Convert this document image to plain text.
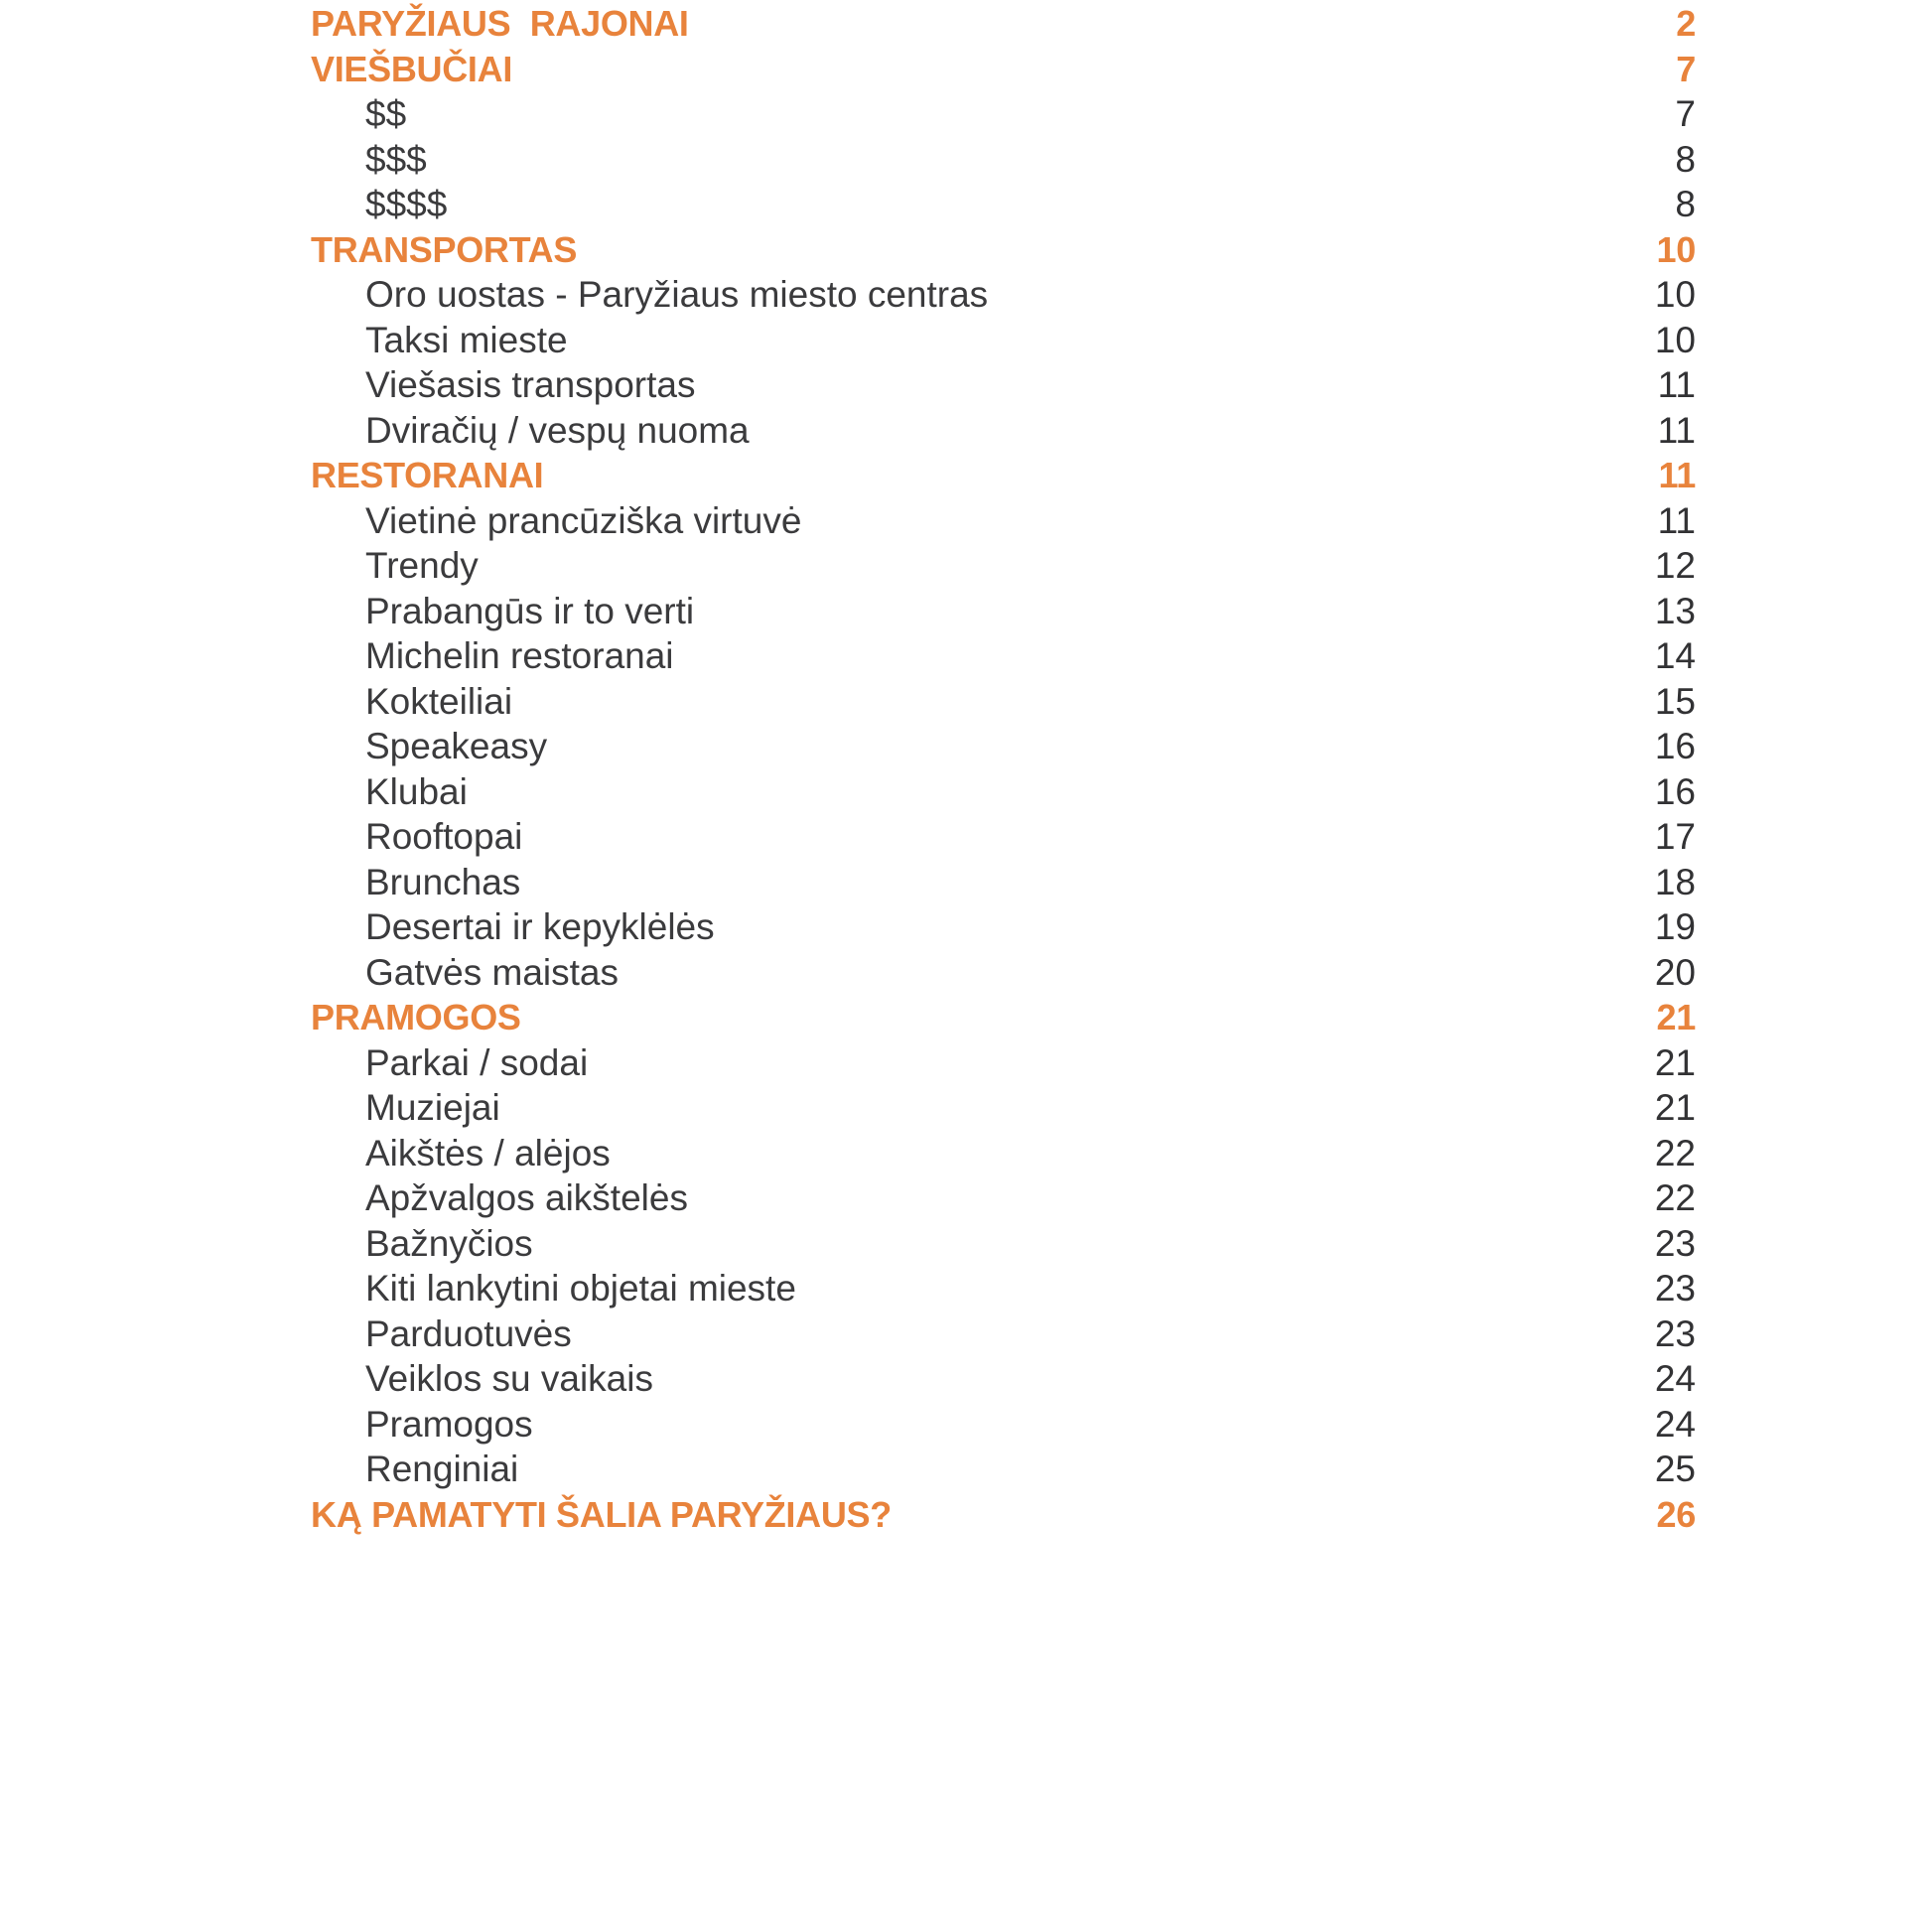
PARYŽIAUS  RAJONAI	2
VIEŠBUČIAI	7
$$	7
$$$	8
$$$$	8
TRANSPORTAS	10
Oro uostas - Paryžiaus miesto centras	10
Taksi mieste	10
Viešasis transportas	11
Dviračių / vespų nuoma	11
RESTORANAI	11
Vietinė prancūziška virtuvė	11
Trendy	12
Prabangūs ir to verti	13
Michelin restoranai	14
Kokteiliai	15
Speakeasy	16
Klubai	16
Rooftopai	17
Brunchas	18
Desertai ir kepyklėlės	19
Gatvės maistas	20
PRAMOGOS	21
Parkai / sodai	21
Muziejai	21
Aikštės / alėjos	22
Apžvalgos aikštelės	22
Bažnyčios	23
Kiti lankytini objetai mieste	23
Parduotuvės	23
Veiklos su vaikais	24
Pramogos	24
Renginiai	25
KĄ PAMATYTI ŠALIA PARYŽIAUS?	26
